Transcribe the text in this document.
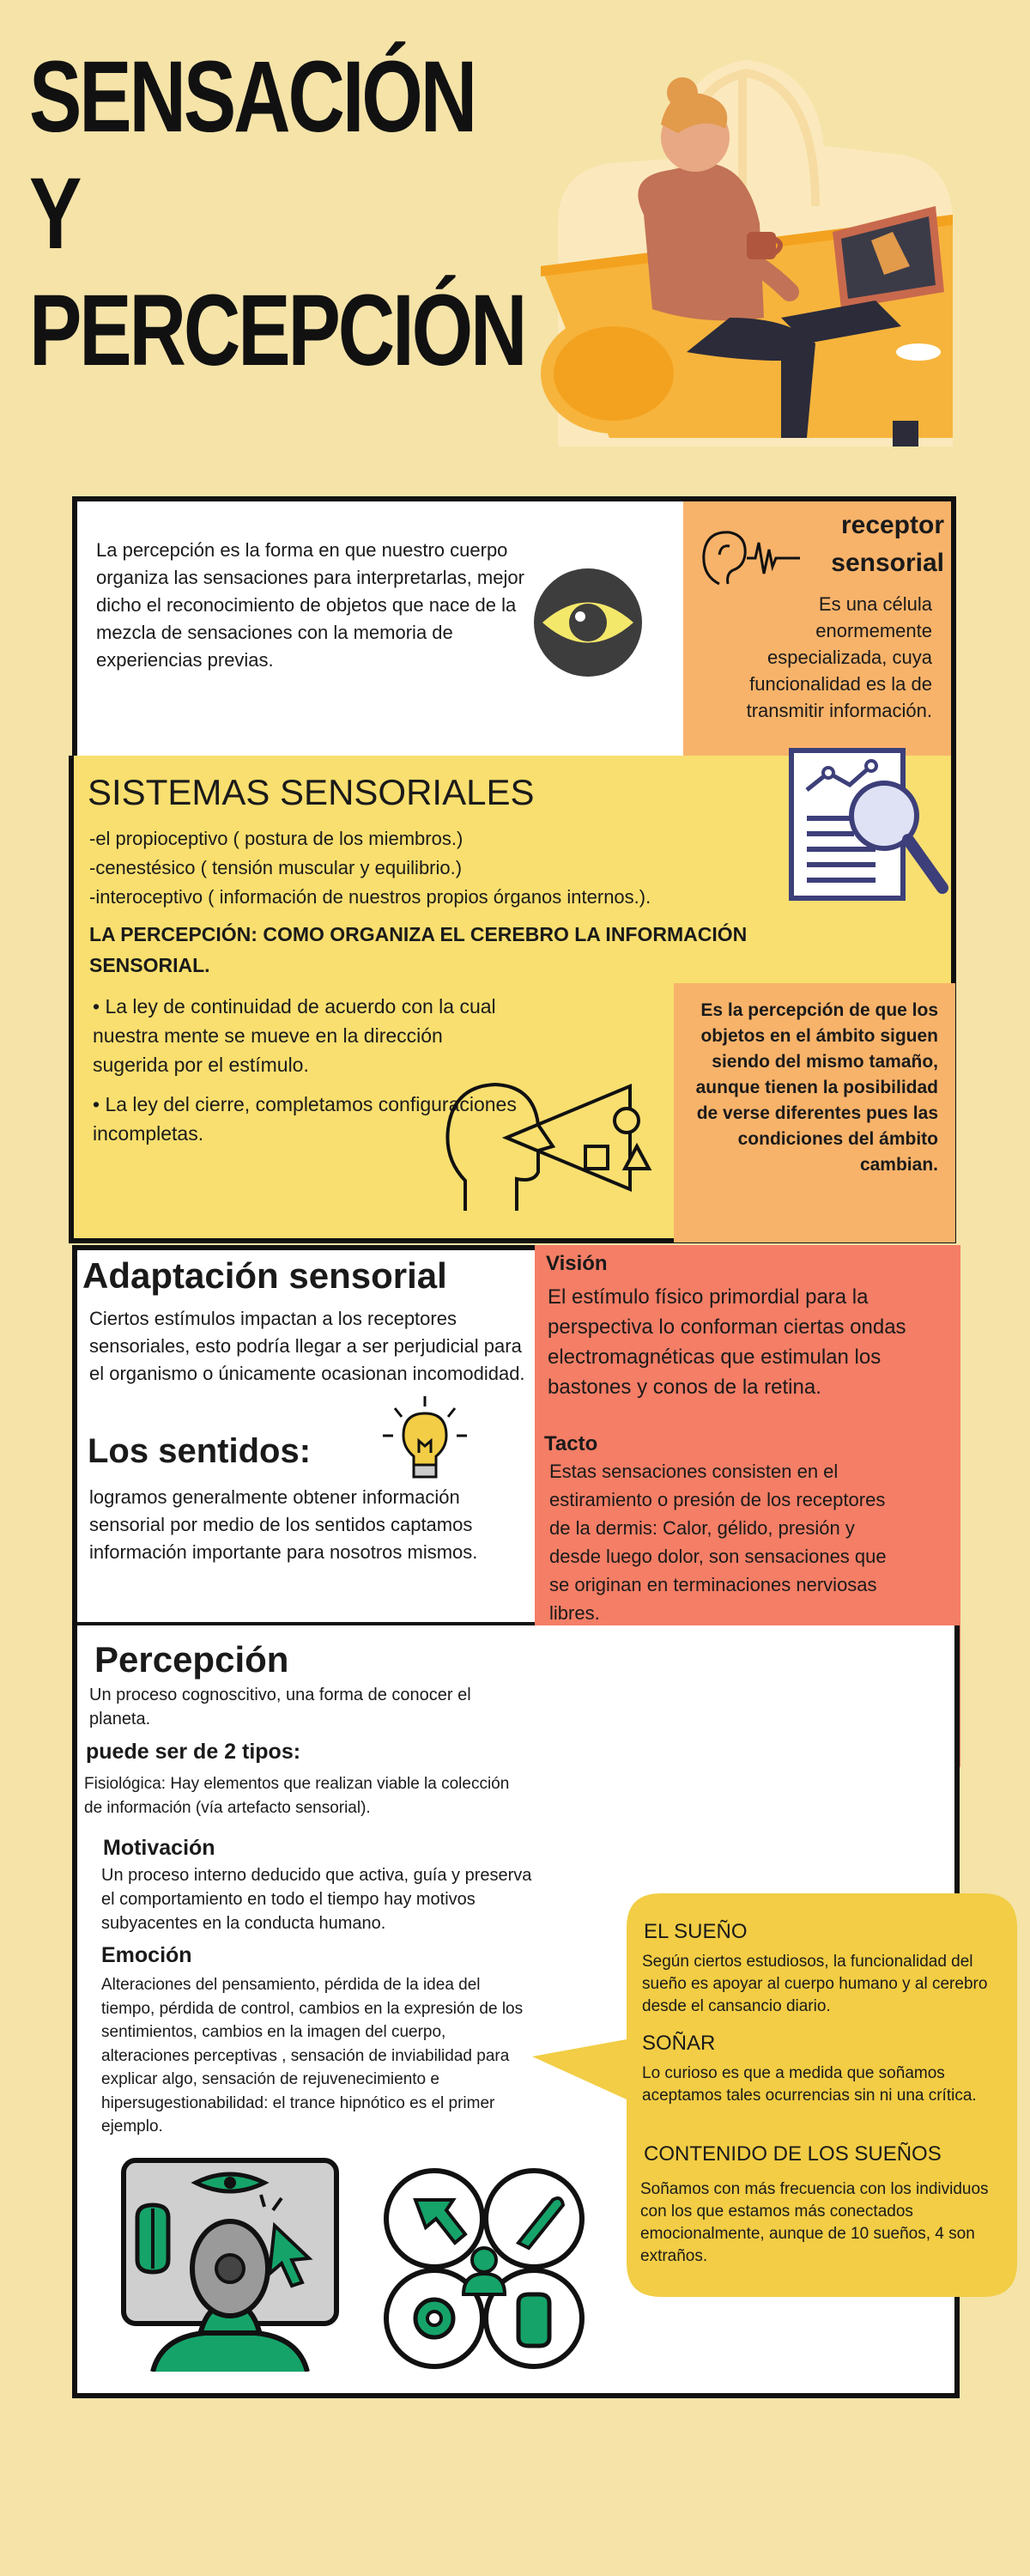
SENSACIÓN
Y
PERCEPCIÓN
La percepción es la forma en que nuestro cuerpo organiza las sensaciones para interpretarlas, mejor dicho el reconocimiento de objetos que nace de la mezcla de sensaciones con la memoria de experiencias previas.
receptor
sensorial
Es una célula enormemente especializada, cuya funcionalidad es la de transmitir información.
SISTEMAS SENSORIALES
-el propioceptivo ( postura de los miembros.)
-cenestésico ( tensión muscular y equilibrio.)
-interoceptivo ( información de nuestros propios órganos internos.).
LA PERCEPCIÓN: COMO ORGANIZA EL CEREBRO LA INFORMACIÓN SENSORIAL.
• La ley de continuidad de acuerdo con la cual nuestra mente se mueve en la dirección sugerida por el estímulo.
• La ley del cierre, completamos configuraciones incompletas.
Es la percepción de que los objetos en el ámbito siguen siendo del mismo tamaño, aunque tienen la posibilidad de verse diferentes pues las condiciones del ámbito cambian.
Adaptación sensorial
Ciertos estímulos impactan a los receptores sensoriales, esto podría llegar a ser perjudicial para el organismo o únicamente ocasionan incomodidad.
Los sentidos:
logramos generalmente obtener información sensorial por medio de los sentidos captamos información importante para nosotros mismos.
Visión
El estímulo físico primordial para la perspectiva lo conforman ciertas ondas electromagnéticas que estimulan los bastones y conos de la retina.
Tacto
Estas sensaciones consisten en el estiramiento o presión de los receptores de la dermis: Calor, gélido, presión y desde luego dolor, son sensaciones que se originan en terminaciones nerviosas libres.
Percepción
Un proceso cognoscitivo, una forma de conocer el planeta.
puede ser de 2 tipos:
Fisiológica: Hay elementos que realizan viable la colección de información (vía artefacto sensorial).
Motivación
Un proceso interno deducido que activa, guía y preserva el comportamiento en todo el tiempo hay motivos subyacentes en la conducta humano.
Emoción
Alteraciones del pensamiento, pérdida de la idea del tiempo, pérdida de control, cambios en la expresión de los sentimientos, cambios en la imagen del cuerpo, alteraciones perceptivas , sensación de inviabilidad para explicar algo, sensación de rejuvenecimiento e hipersugestionabilidad: el trance hipnótico es el primer ejemplo.
EL SUEÑO
Según ciertos estudiosos, la funcionalidad del sueño es apoyar al cuerpo humano y al cerebro desde el cansancio diario.
SOÑAR
Lo curioso es que a medida que soñamos aceptamos tales ocurrencias sin ni una crítica.
CONTENIDO DE LOS SUEÑOS
Soñamos con más frecuencia con los individuos con los que estamos más conectados emocionalmente, aunque de 10 sueños, 4 son extraños.
